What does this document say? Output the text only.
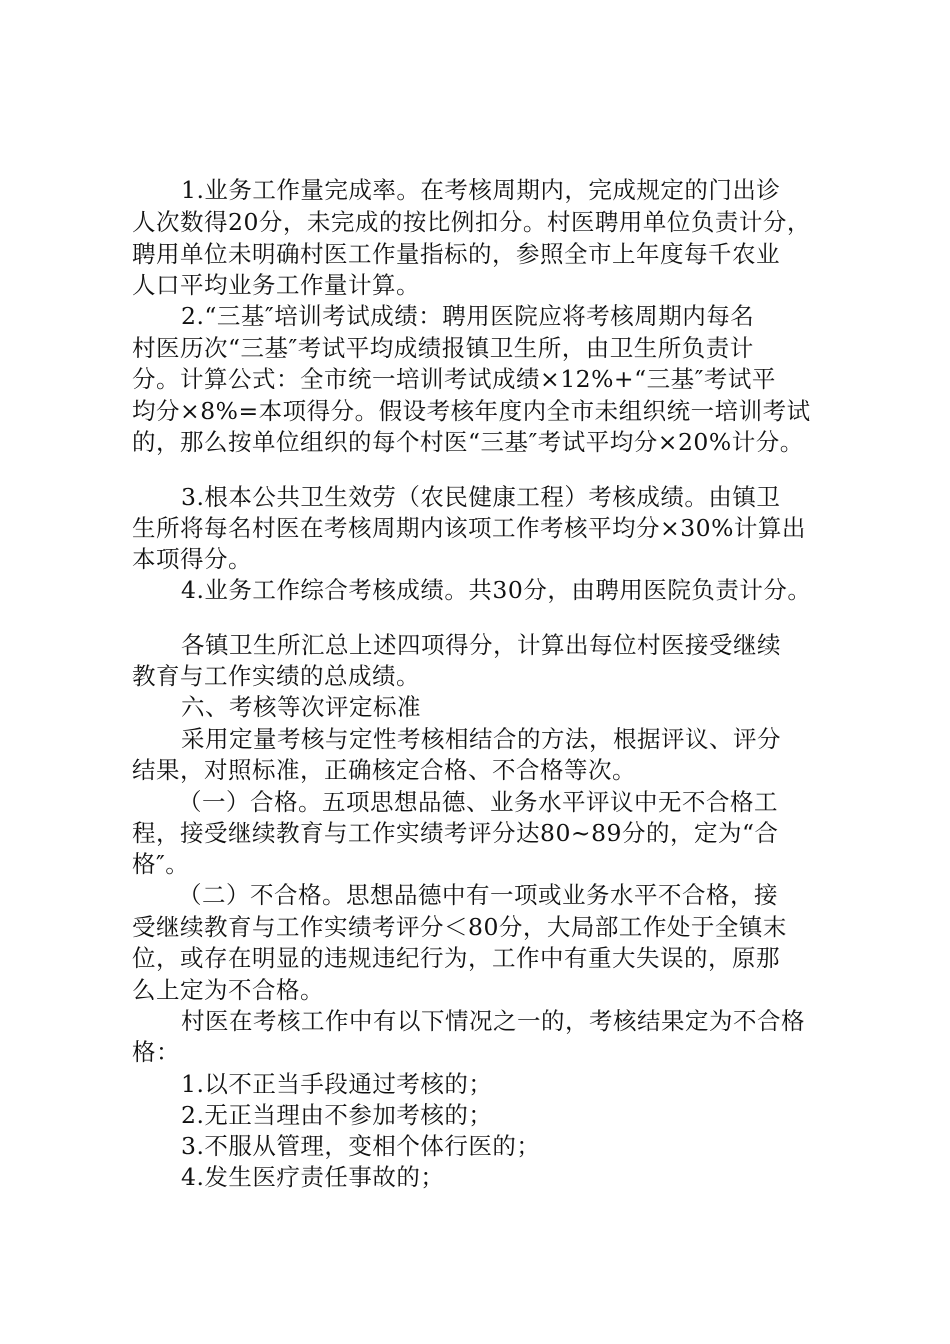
1.业务工作量完成率。在考核周期内，完成规定的门出诊
人次数得20分，未完成的按比例扣分。村医聘用单位负责计分，
聘用单位未明确村医工作量指标的，参照全市上年度每千农业
人口平均业务工作量计算。
2.“三基″培训考试成绩：聘用医院应将考核周期内每名
村医历次“三基″考试平均成绩报镇卫生所，由卫生所负责计
分。计算公式：全市统一培训考试成绩×12%+“三基″考试平
均分×8%=本项得分。假设考核年度内全市未组织统一培训考试
的，那么按单位组织的每个村医“三基″考试平均分×20%计分。
3.根本公共卫生效劳（农民健康工程）考核成绩。由镇卫
生所将每名村医在考核周期内该项工作考核平均分×30%计算出
本项得分。
4.业务工作综合考核成绩。共30分，由聘用医院负责计分。
各镇卫生所汇总上述四项得分，计算出每位村医接受继续
教育与工作实绩的总成绩。
六、考核等次评定标准
采用定量考核与定性考核相结合的方法，根据评议、评分
结果，对照标准，正确核定合格、不合格等次。
（一）合格。五项思想品德、业务水平评议中无不合格工
程，接受继续教育与工作实绩考评分达80~89分的，定为“合
格″。
（二）不合格。思想品德中有一项或业务水平不合格，接
受继续教育与工作实绩考评分＜80分，大局部工作处于全镇末
位，或存在明显的违规违纪行为，工作中有重大失误的，原那
么上定为不合格。
村医在考核工作中有以下情况之一的，考核结果定为不合格
格：
1.以不正当手段通过考核的；
2.无正当理由不参加考核的；
3.不服从管理，变相个体行医的；
4.发生医疗责任事故的；
